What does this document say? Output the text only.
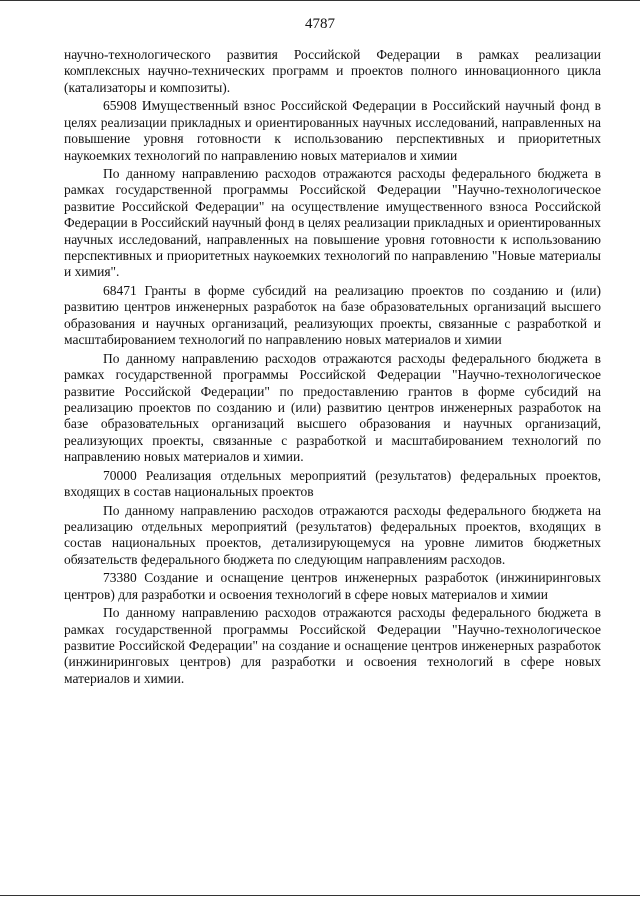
4787

научно-технологического развития Российской Федерации в рамках реализации комплексных научно-технических программ и проектов полного инновационного цикла (катализаторы и композиты).

65908 Имущественный взнос Российской Федерации в Российский научный фонд в целях реализации прикладных и ориентированных научных исследований, направленных на повышение уровня готовности к использованию перспективных и приоритетных наукоемких технологий по направлению новых материалов и химии

По данному направлению расходов отражаются расходы федерального бюджета в рамках государственной программы Российской Федерации "Научно-технологическое развитие Российской Федерации" на осуществление имущественного взноса Российской Федерации в Российский научный фонд в целях реализации прикладных и ориентированных научных исследований, направленных на повышение уровня готовности к использованию перспективных и приоритетных наукоемких технологий по направлению "Новые материалы и химия".

68471 Гранты в форме субсидий на реализацию проектов по созданию и (или) развитию центров инженерных разработок на базе образовательных организаций высшего образования и научных организаций, реализующих проекты, связанные с разработкой и масштабированием технологий по направлению новых материалов и химии

По данному направлению расходов отражаются расходы федерального бюджета в рамках государственной программы Российской Федерации "Научно-технологическое развитие Российской Федерации" по предоставлению грантов в форме субсидий на реализацию проектов по созданию и (или) развитию центров инженерных разработок на базе образовательных организаций высшего образования и научных организаций, реализующих проекты, связанные с разработкой и масштабированием технологий по направлению новых материалов и химии.

70000 Реализация отдельных мероприятий (результатов) федеральных проектов, входящих в состав национальных проектов

По данному направлению расходов отражаются расходы федерального бюджета на реализацию отдельных мероприятий (результатов) федеральных проектов, входящих в состав национальных проектов, детализирующемуся на уровне лимитов бюджетных обязательств федерального бюджета по следующим направлениям расходов.

73380 Создание и оснащение центров инженерных разработок (инжиниринговых центров) для разработки и освоения технологий в сфере новых материалов и химии

По данному направлению расходов отражаются расходы федерального бюджета в рамках государственной программы Российской Федерации "Научно-технологическое развитие Российской Федерации" на создание и оснащение центров инженерных разработок (инжиниринговых центров) для разработки и освоения технологий в сфере новых материалов и химии.
